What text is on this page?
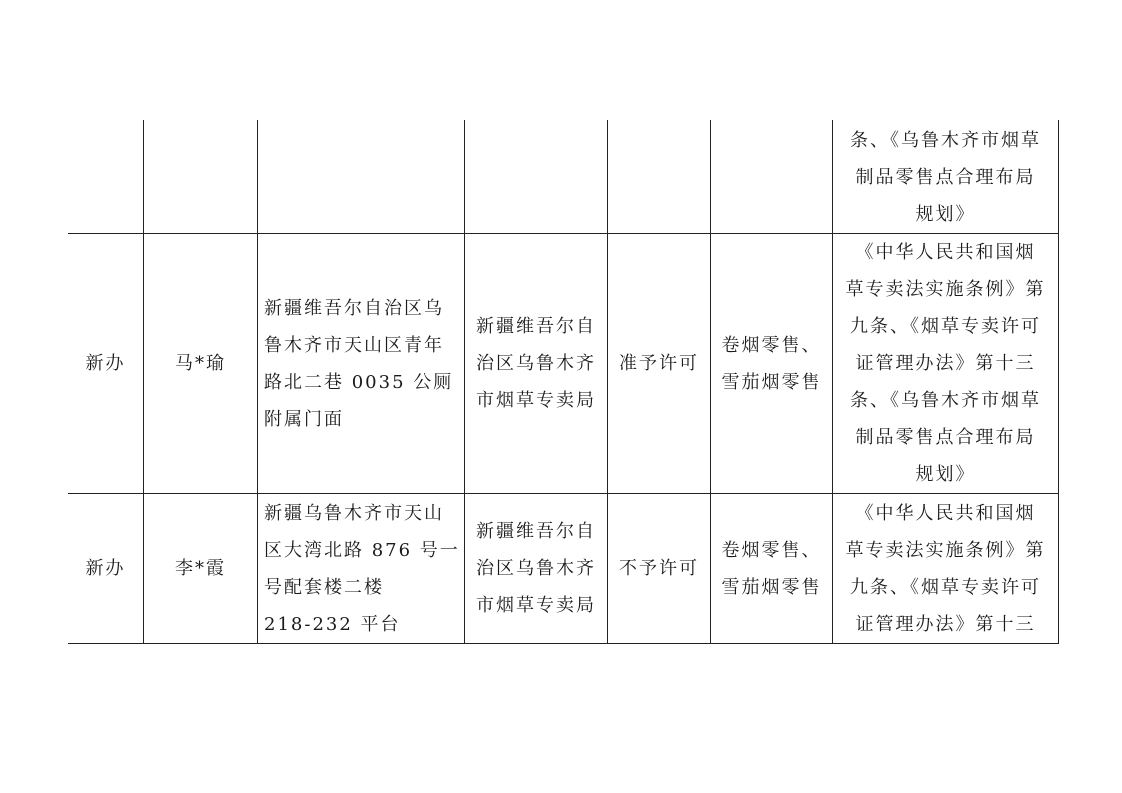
条、《乌鲁木齐市烟草
制品零售点合理布局
规划》
新办	马*瑜
新疆维吾尔自治区乌
鲁木齐市天山区青年
路北二巷 0035 公厕
附属门面
新疆维吾尔自
治区乌鲁木齐
市烟草专卖局
准予许可
卷烟零售、
雪茄烟零售
《中华人民共和国烟
草专卖法实施条例》第
九条、《烟草专卖许可
证管理办法》第十三
条、《乌鲁木齐市烟草
制品零售点合理布局
规划》
新办	李*霞
新疆乌鲁木齐市天山
区大湾北路 876 号一
号配套楼二楼
218-232 平台
新疆维吾尔自
治区乌鲁木齐
市烟草专卖局
不予许可
卷烟零售、
雪茄烟零售
《中华人民共和国烟
草专卖法实施条例》第
九条、《烟草专卖许可
证管理办法》第十三
